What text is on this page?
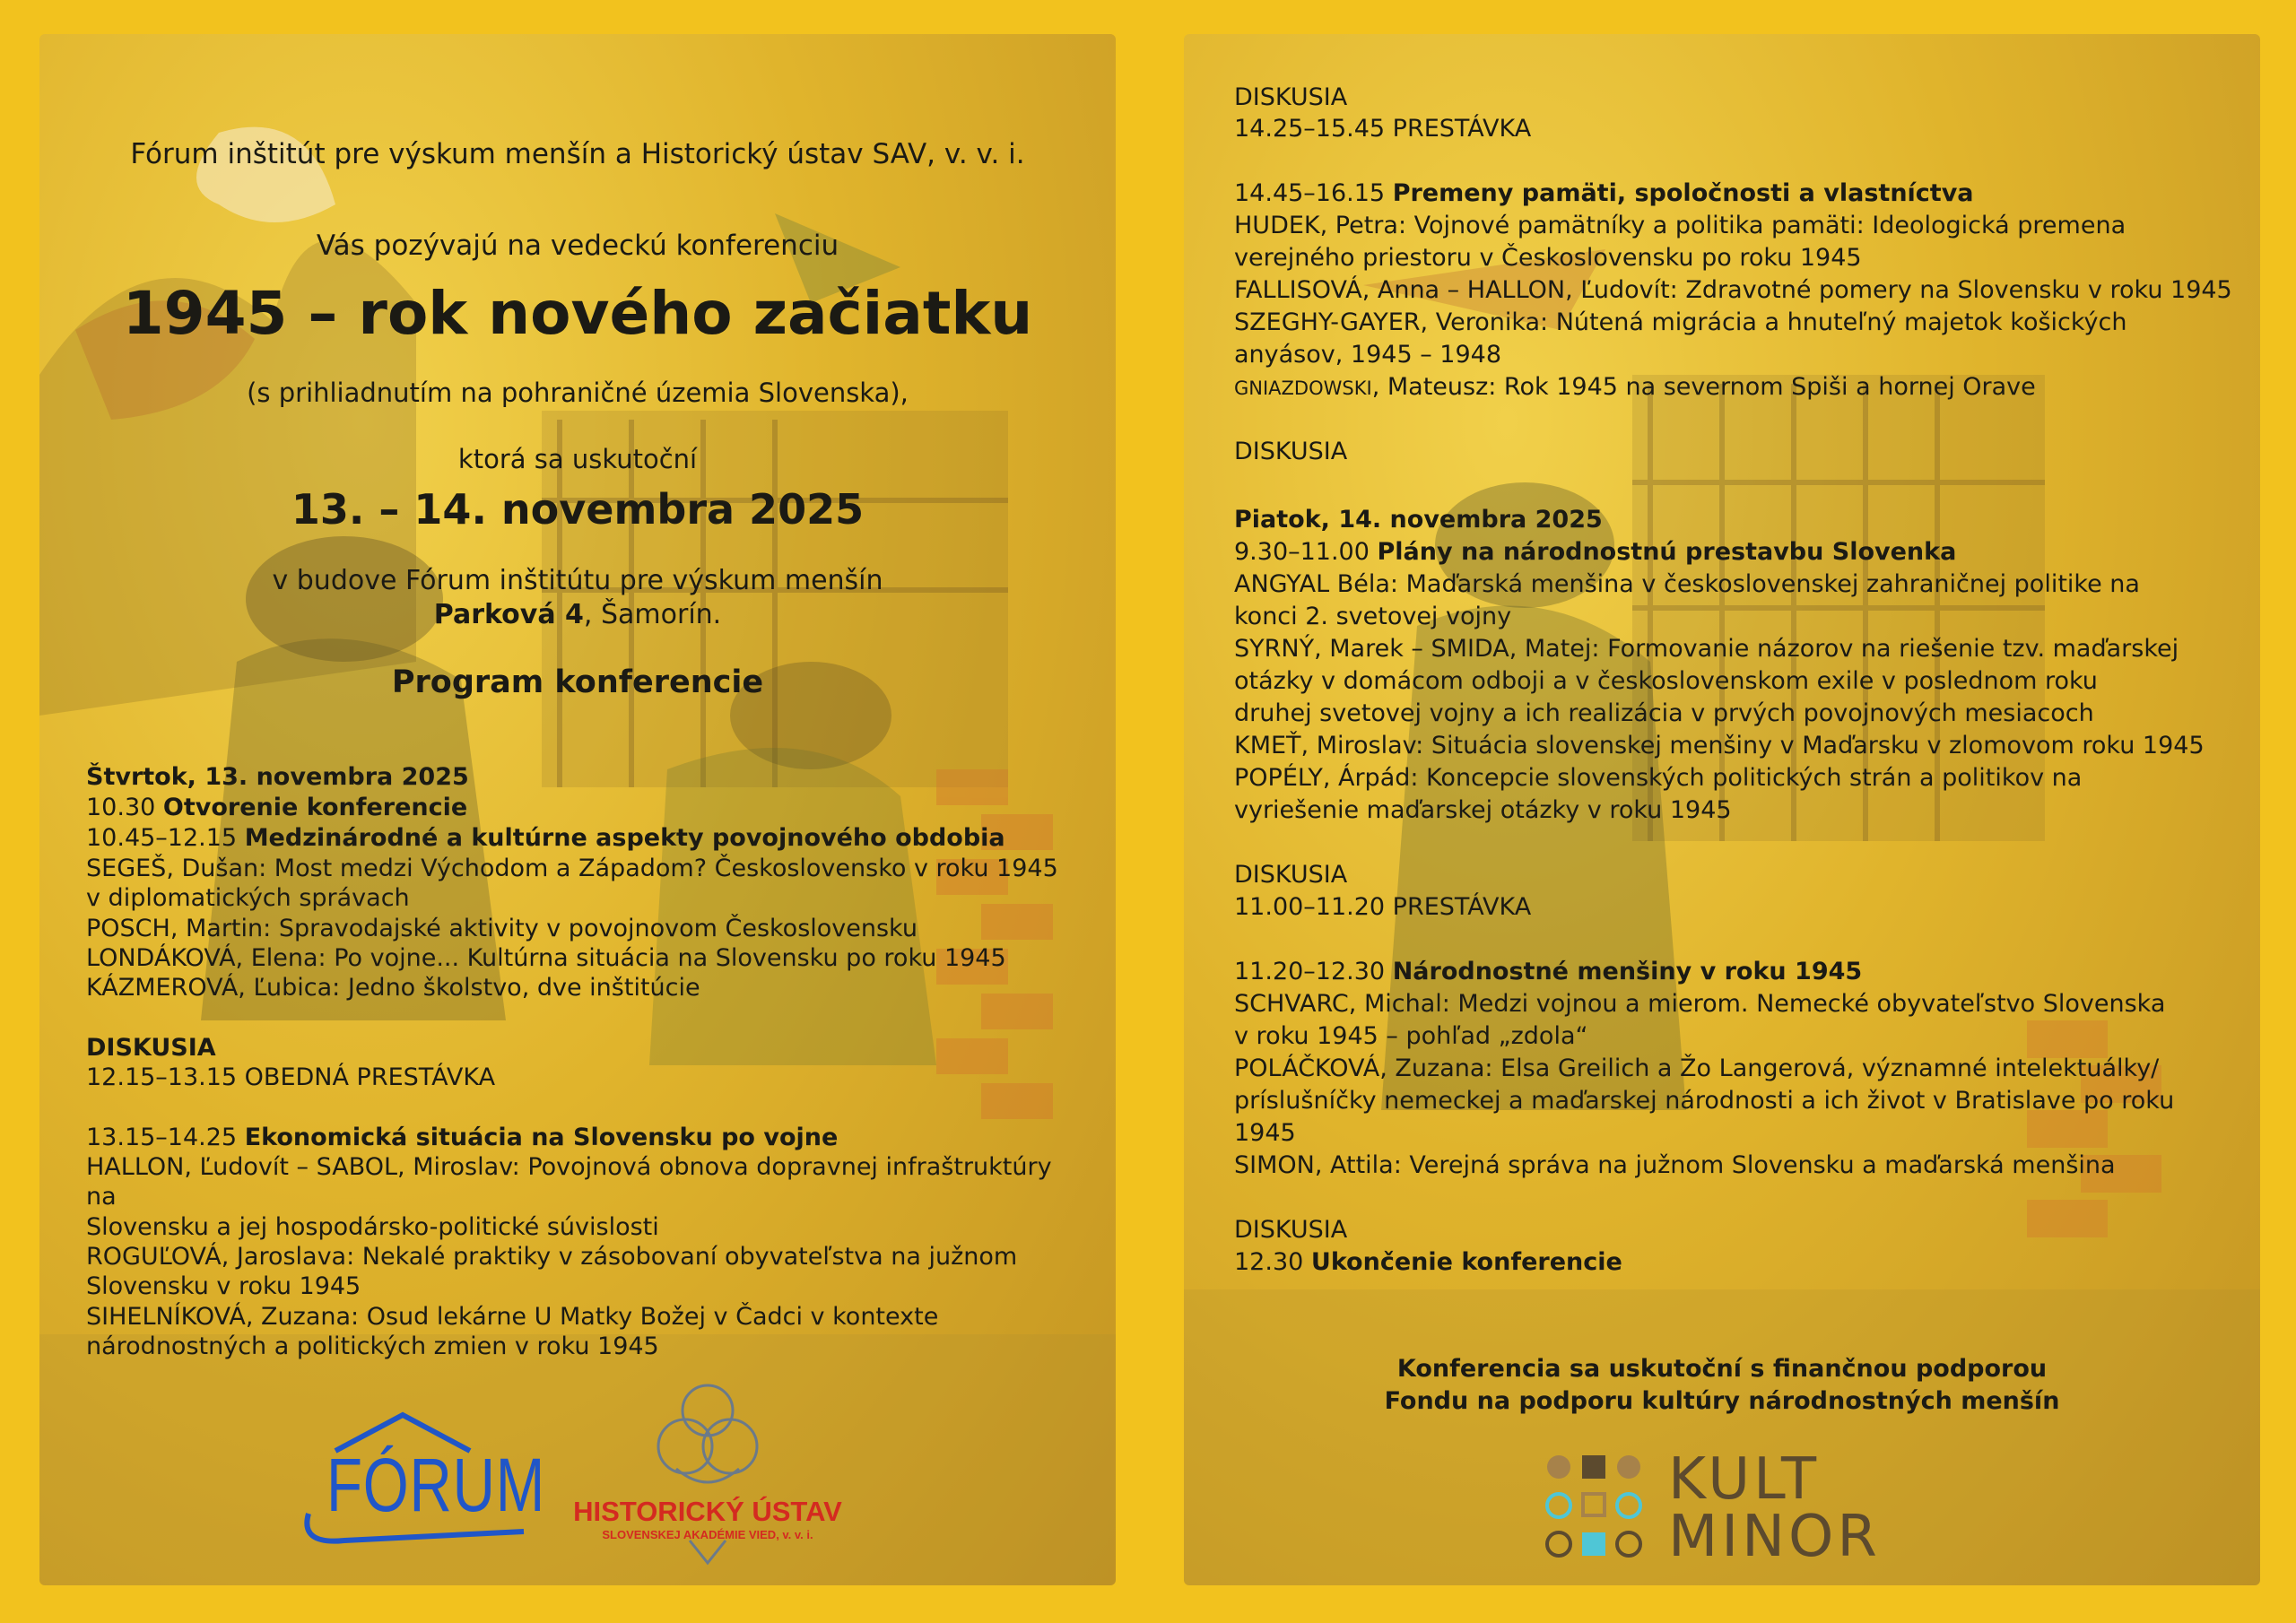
Fórum inštitút pre výskum menšín a Historický ústav SAV, v. v. i.
Vás pozývajú na vedeckú konferenciu
1945 – rok nového začiatku
(s prihliadnutím na pohraničné územia Slovenska),
ktorá sa uskutoční
13. – 14. novembra 2025
v budove Fórum inštitútu pre výskum menšín
Parková 4, Šamorín.
Program konferencie
Štvrtok, 13. novembra 2025
10.30 Otvorenie konferencie
10.45–12.15 Medzinárodné a kultúrne aspekty povojnového obdobia
SEGEŠ, Dušan: Most medzi Východom a Západom? Československo v roku 1945
v diplomatických správach
POSCH, Martin: Spravodajské aktivity v povojnovom Československu
LONDÁKOVÁ, Elena: Po vojne... Kultúrna situácia na Slovensku po roku 1945
KÁZMEROVÁ, Ľubica: Jedno školstvo, dve inštitúcie
DISKUSIA
12.15–13.15 OBEDNÁ PRESTÁVKA
13.15–14.25 Ekonomická situácia na Slovensku po vojne
HALLON, Ľudovít – SABOL, Miroslav: Povojnová obnova dopravnej infraštruktúry
na
Slovensku a jej hospodársko-politické súvislosti
ROGUĽOVÁ, Jaroslava: Nekalé praktiky v zásobovaní obyvateľstva na južnom
Slovensku v roku 1945
SIHELNÍKOVÁ, Zuzana: Osud lekárne U Matky Božej v Čadci v kontexte
národnostných a politických zmien v roku 1945
FÓRUM	HISTORICKÝ ÚSTAV
SLOVENSKEJ AKADÉMIE VIED, v. v. i.
DISKUSIA
14.25–15.45 PRESTÁVKA
14.45–16.15 Premeny pamäti, spoločnosti a vlastníctva
HUDEK, Petra: Vojnové pamätníky a politika pamäti: Ideologická premena
verejného priestoru v Československu po roku 1945
FALLISOVÁ, Anna – HALLON, Ľudovít: Zdravotné pomery na Slovensku v roku 1945
SZEGHY-GAYER, Veronika: Nútená migrácia a hnuteľný majetok košických
anyásov, 1945 – 1948
GNIAZDOWSKI, Mateusz: Rok 1945 na severnom Spiši a hornej Orave
DISKUSIA
Piatok, 14. novembra 2025
9.30–11.00 Plány na národnostnú prestavbu Slovenka
ANGYAL Béla: Maďarská menšina v československej zahraničnej politike na
konci 2. svetovej vojny
SYRNÝ, Marek – SMIDA, Matej: Formovanie názorov na riešenie tzv. maďarskej
otázky v domácom odboji a v československom exile v poslednom roku
druhej svetovej vojny a ich realizácia v prvých povojnových mesiacoch
KMEŤ, Miroslav: Situácia slovenskej menšiny v Maďarsku v zlomovom roku 1945
POPÉLY, Árpád: Koncepcie slovenských politických strán a politikov na
vyriešenie maďarskej otázky v roku 1945
DISKUSIA
11.00–11.20 PRESTÁVKA
11.20–12.30 Národnostné menšiny v roku 1945
SCHVARC, Michal: Medzi vojnou a mierom. Nemecké obyvateľstvo Slovenska
v roku 1945 – pohľad „zdola“
POLÁČKOVÁ, Zuzana: Elsa Greilich a Žo Langerová, významné intelektuálky/
príslušníčky nemeckej a maďarskej národnosti a ich život v Bratislave po roku
1945
SIMON, Attila: Verejná správa na južnom Slovensku a maďarská menšina
DISKUSIA
12.30 Ukončenie konferencie
Konferencia sa uskutoční s finančnou podporou
Fondu na podporu kultúry národnostných menšín
KULT
MINOR
